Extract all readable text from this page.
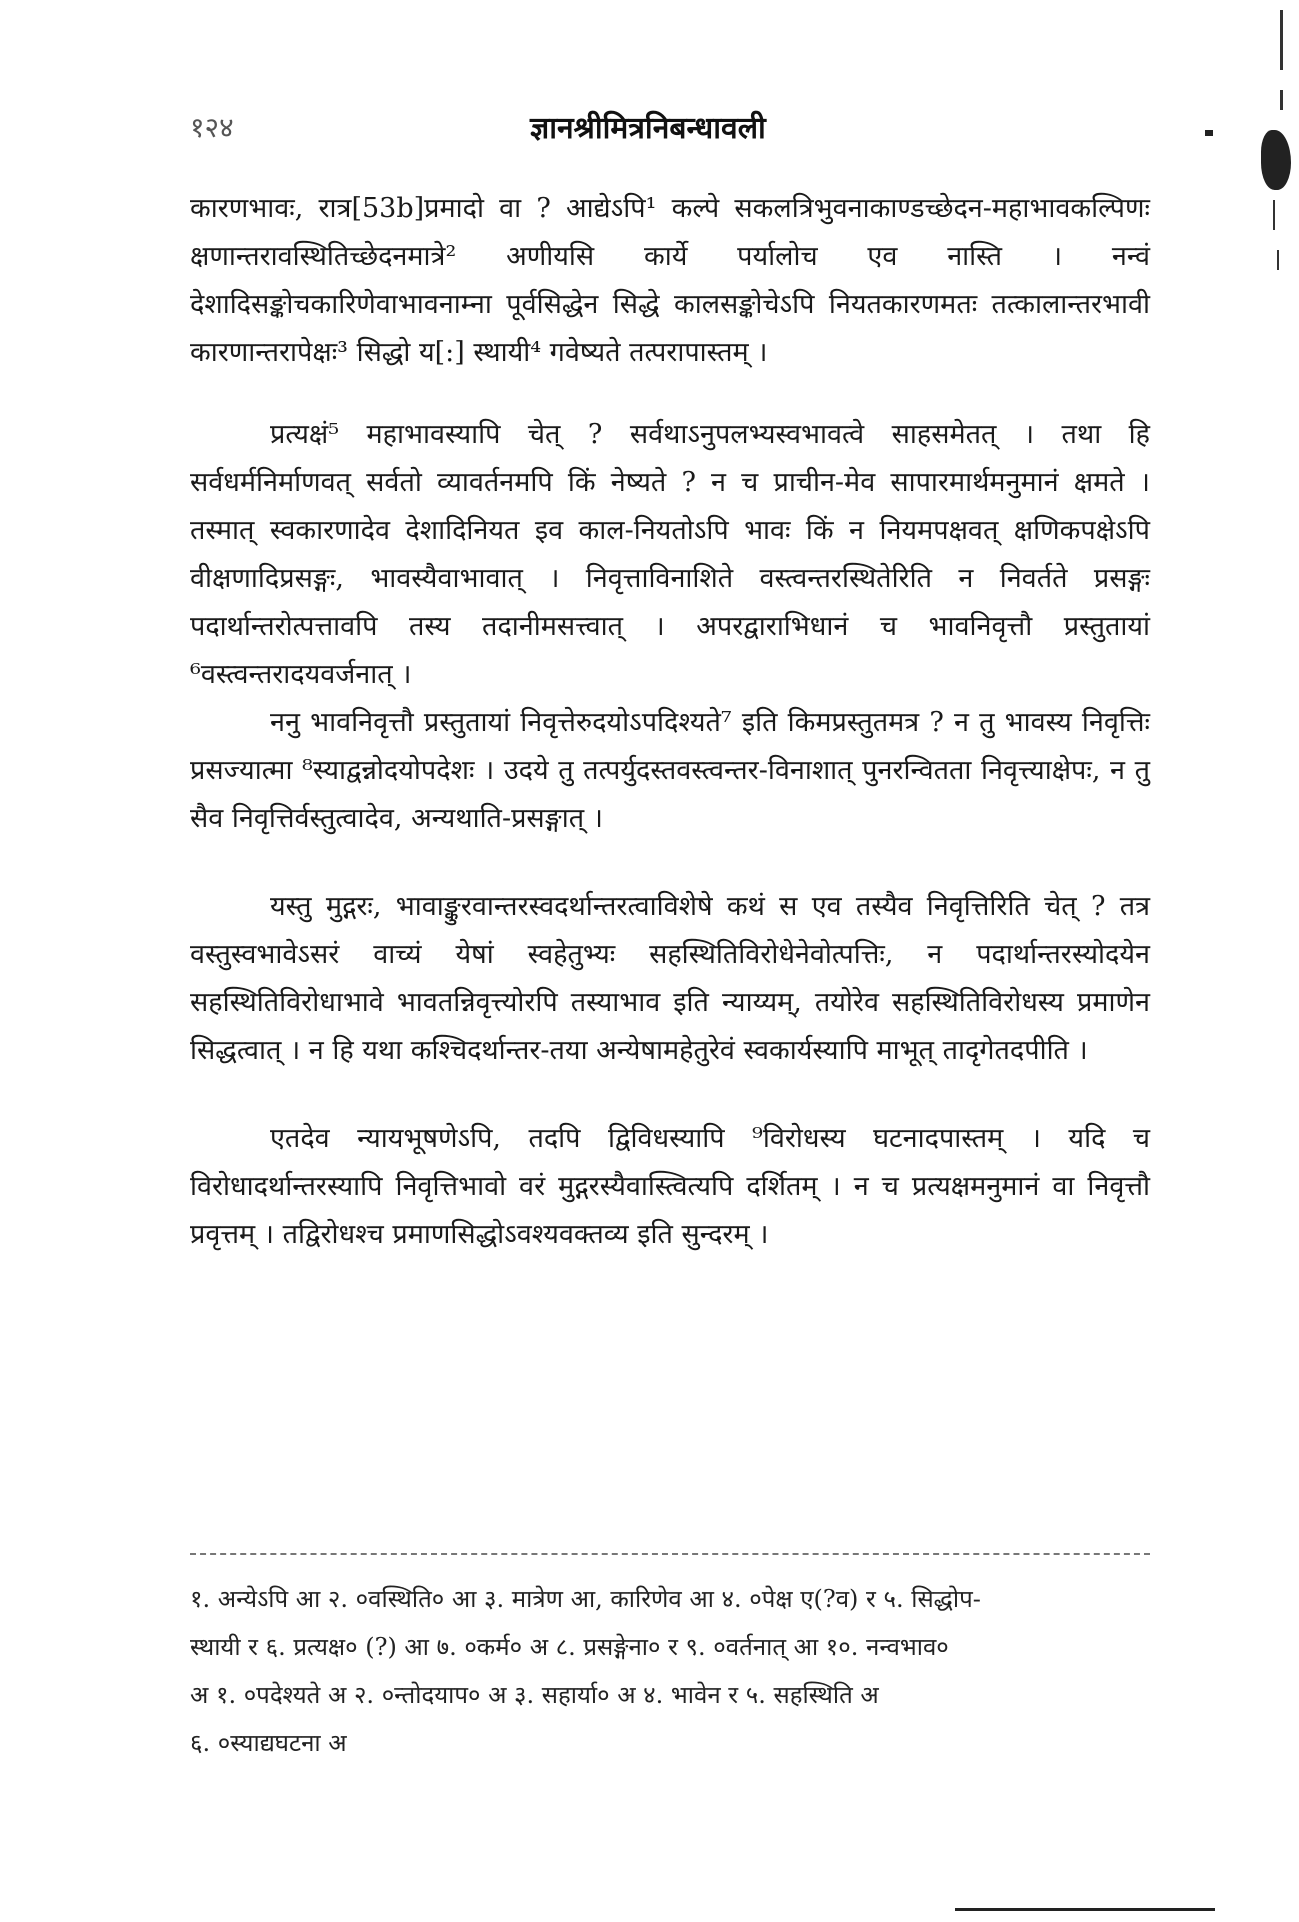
१२४	ज्ञानश्रीमित्रनिबन्धावली

कारणभावः, रात्र[53b]प्रमादो वा ? आद्येऽपि¹ कल्पे सकलत्रिभुवनाकाण्डच्छेदन-महाभावकल्पिणः क्षणान्तरावस्थितिच्छेदनमात्रे² अणीयसि कार्ये पर्यालोच एव नास्ति । नन्वं देशादिसङ्कोचकारिणेवाभावनाम्ना पूर्वसिद्धेन सिद्धे कालसङ्कोचेऽपि नियतकारणमतः तत्कालान्तरभावी कारणान्तरापेक्षः³ सिद्धो य[:] स्थायी⁴ गवेष्यते तत्परापास्तम् ।

प्रत्यक्षं⁵ महाभावस्यापि चेत् ? सर्वथाऽनुपलभ्यस्वभावत्वे साहसमेतत् । तथा हि सर्वधर्मनिर्माणवत् सर्वतो व्यावर्तनमपि किं नेष्यते ? न च प्राचीन-मेव सापारमार्थमनुमानं क्षमते । तस्मात् स्वकारणादेव देशादिनियत इव काल-नियतोऽपि भावः किं न नियमपक्षवत् क्षणिकपक्षेऽपि वीक्षणादिप्रसङ्गः, भावस्यैवाभावात् । निवृत्ताविनाशिते वस्त्वन्तरस्थितेरिति न निवर्तते प्रसङ्गः पदार्थान्तरोत्पत्तावपि तस्य तदानीमसत्त्वात् । अपरद्वाराभिधानं च भावनिवृत्तौ प्रस्तुतायां ⁶वस्त्वन्तरादयवर्जनात् ।

ननु भावनिवृत्तौ प्रस्तुतायां निवृत्तेरुदयोऽपदिश्यते⁷ इति किमप्रस्तुतमत्र ? न तु भावस्य निवृत्तिः प्रसज्यात्मा ⁸स्याद्वन्नोदयोपदेशः । उदये तु तत्पर्युदस्तवस्त्वन्तर-विनाशात् पुनरन्वितता निवृत्त्याक्षेपः, न तु सैव निवृत्तिर्वस्तुत्वादेव, अन्यथाति-प्रसङ्गात् ।

यस्तु मुद्गरः, भावाङ्कुरवान्तरस्वदर्थान्तरत्वाविशेषे कथं स एव तस्यैव निवृत्तिरिति चेत् ? तत्र वस्तुस्वभावेऽसरं वाच्यं येषां स्वहेतुभ्यः सहस्थितिविरोधेनेवोत्पत्तिः, न पदार्थान्तरस्योदयेन सहस्थितिविरोधाभावे भावतन्निवृत्त्योरपि तस्याभाव इति न्याय्यम्, तयोरेव सहस्थितिविरोधस्य प्रमाणेन सिद्धत्वात् । न हि यथा कश्चिदर्थान्तर-तया अन्येषामहेतुरेवं स्वकार्यस्यापि माभूत् तादृगेतदपीति ।

एतदेव न्यायभूषणेऽपि, तदपि द्विविधस्यापि ⁹विरोधस्य घटनादपास्तम् । यदि च विरोधादर्थान्तरस्यापि निवृत्तिभावो वरं मुद्गरस्यैवास्त्वित्यपि दर्शितम् । न च प्रत्यक्षमनुमानं वा निवृत्तौ प्रवृत्तम् । तद्विरोधश्च प्रमाणसिद्धोऽवश्यवक्तव्य इति सुन्दरम् ।

१. अन्येऽपि आ २. ०वस्थिति० आ ३. मात्रेण आ, कारिणेव आ ४. ०पेक्ष ए(?व) र ५. सिद्धोप-

स्थायी र ६. प्रत्यक्ष० (?) आ ७. ०कर्म० अ ८. प्रसङ्गेना० र ९. ०वर्तनात् आ १०. नन्वभाव०

अ १. ०पदेश्यते अ २. ०न्तोदयाप० अ ३. सहार्या० अ ४. भावेन र ५. सहस्थिति अ

६. ०स्याद्यघटना अ
